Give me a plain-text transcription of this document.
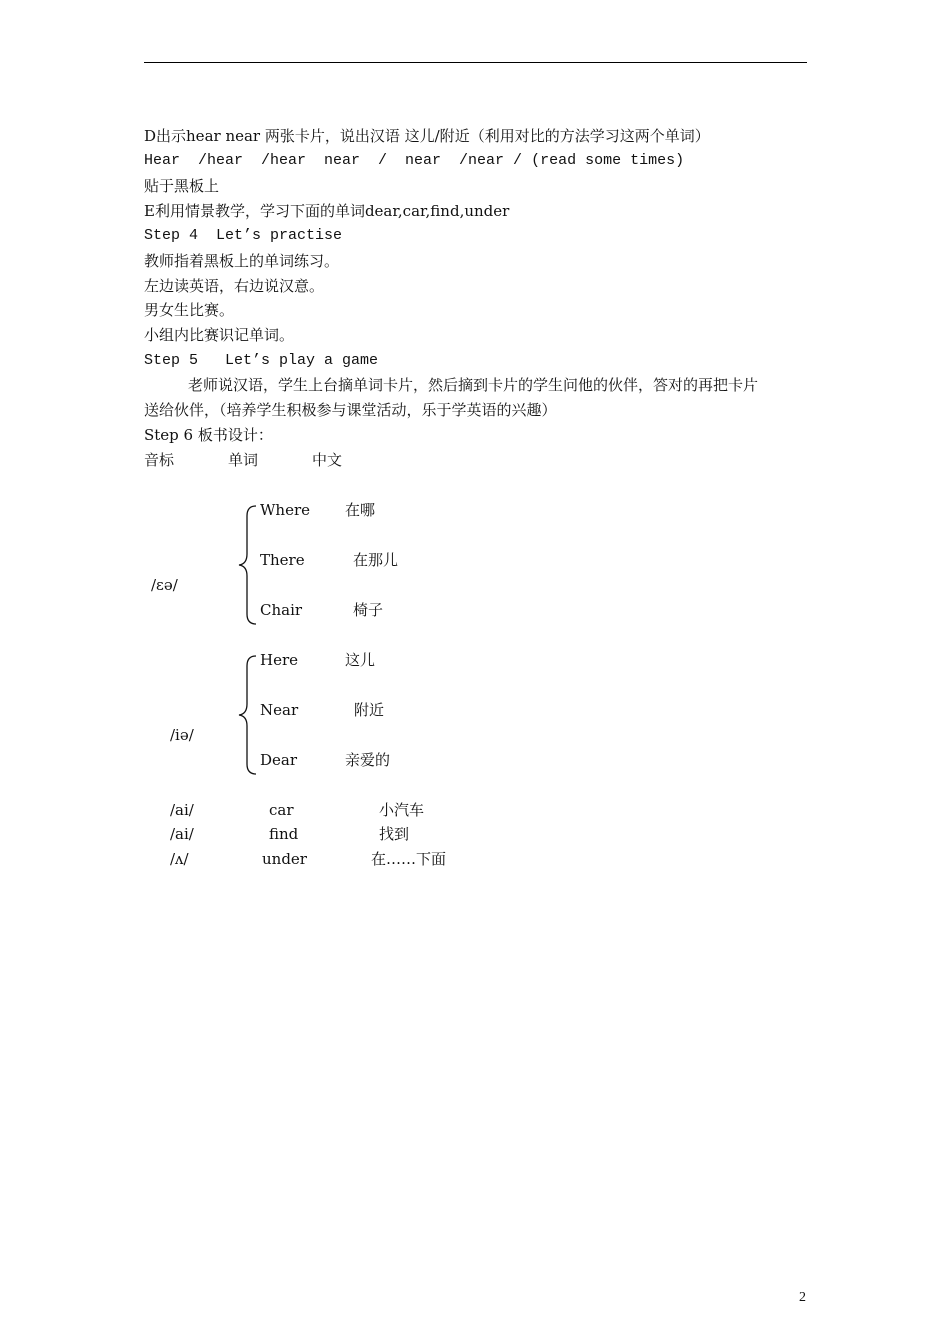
D出示hear near 两张卡片，说出汉语 这儿/附近（利用对比的方法学习这两个单词）
Hear  /hear  /hear  near  /  near  /near / (read some times)
贴于黑板上
E利用情景教学，学习下面的单词dear,car,find,under
Step 4  Let’s practise
教师指着黑板上的单词练习。
左边读英语，右边说汉意。
男女生比赛。
小组内比赛识记单词。
Step 5   Let’s play a game
老师说汉语，学生上台摘单词卡片，然后摘到卡片的学生问他的伙伴，答对的再把卡片
送给伙伴，（培养学生积极参与课堂活动，乐于学英语的兴趣）
Step 6 板书设计：
音标	单词	中文
/ɛə/
Where 在哪
There	在那儿
Chair	椅子
/iə/
Here	这儿
Near	附近
Dear	亲爱的
/ai/	car	小汽车
/ai/	find	找到
/ʌ/	under	在……下面
2
